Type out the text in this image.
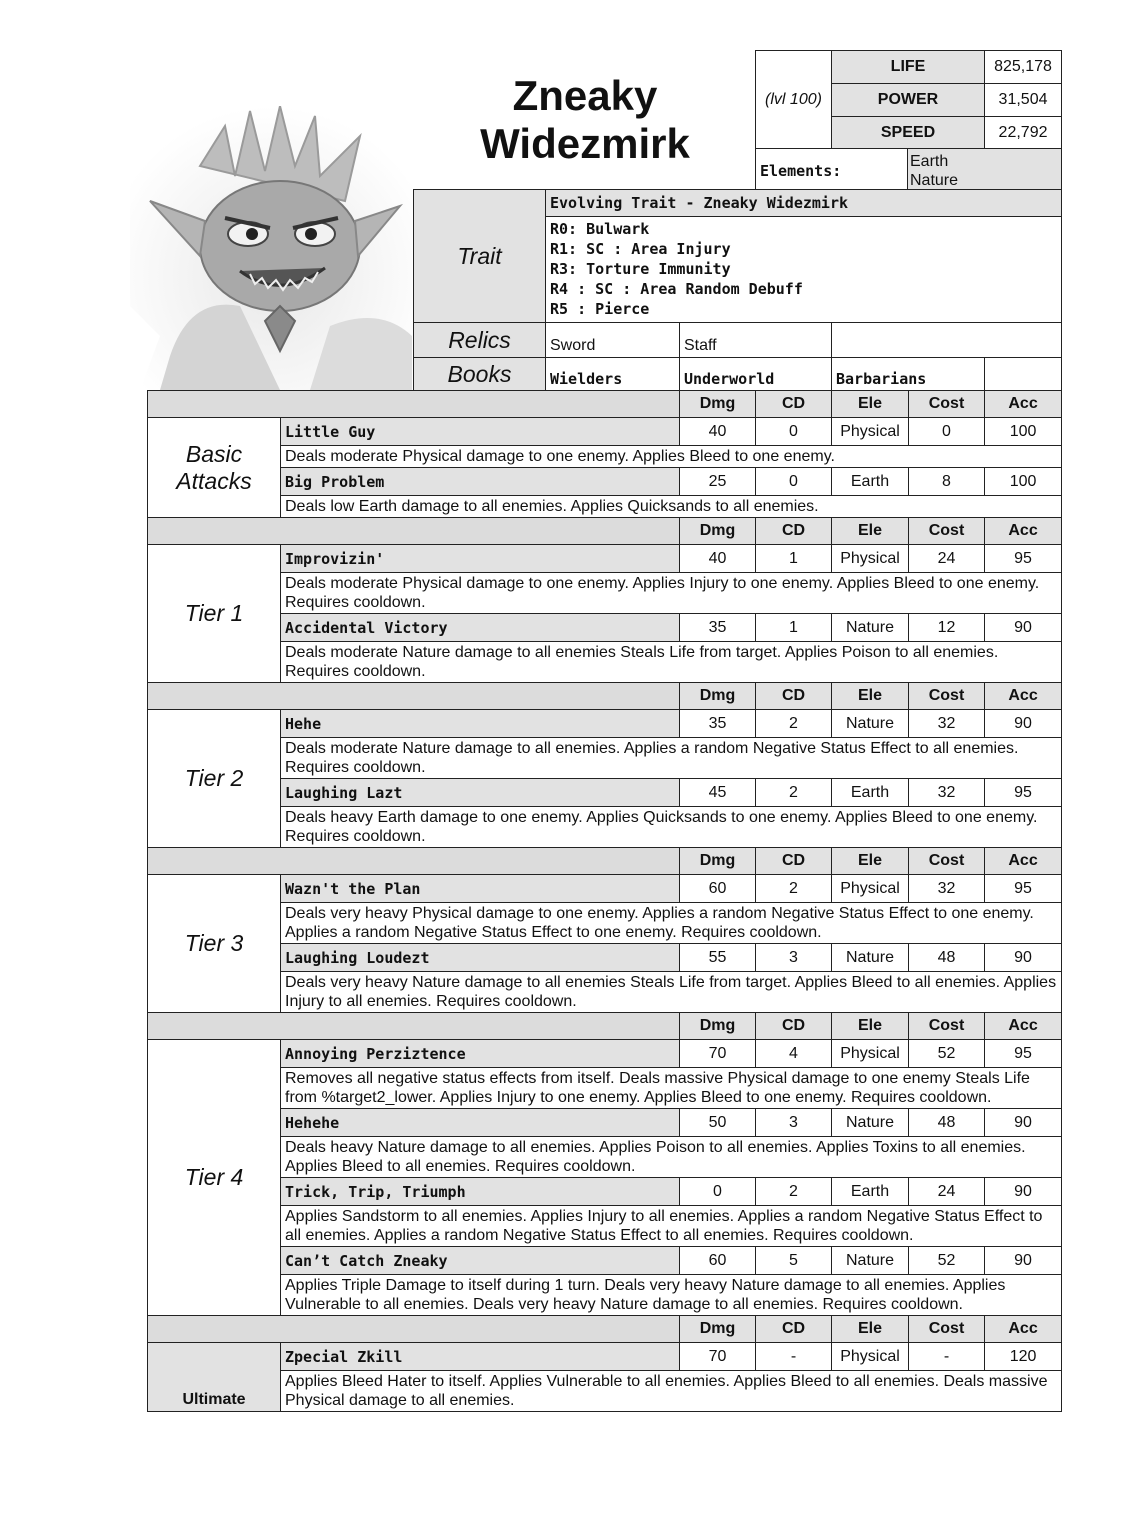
Zneaky
Widezmirk
(lvl 100)	LIFE		825,178
	POWER		31,504
	SPEED		22,792
Elements:		Earth
Nature	
		Trait	Evolving Trait - Zneaky Widezmirk					

			R0: Bulwark
R1: SC : Area Injury
R3: Torture Immunity
R4 : SC : Area Random Debuff
R5 : Pierce					

		Relics	Sword	Staff				
		Books	Wielders	Underworld		Barbarians		
				Dmg	CD	Ele	Cost	Acc

Basic
Attacks	Little Guy			40	0	Physical	0	100
	Deals moderate Physical damage to one enemy. Applies Bleed to one enemy.							
	Big Problem			25	0	Earth	8	100
	Deals low Earth damage to all enemies. Applies Quicksands to all enemies.							
				Dmg	CD	Ele	Cost	Acc

Tier 1	Improvizin'			40	1	Physical	24	95
	Deals moderate Physical damage to one enemy. Applies Injury to one enemy. Applies Bleed to one enemy. Requires cooldown.							
	Accidental Victory			35	1	Nature	12	90
	Deals moderate Nature damage to all enemies Steals Life from target. Applies Poison to all enemies. Requires cooldown.							
				Dmg	CD	Ele	Cost	Acc

Tier 2	Hehe			35	2	Nature	32	90
	Deals moderate Nature damage to all enemies. Applies a random Negative Status Effect to all enemies. Requires cooldown.							
	Laughing Lazt			45	2	Earth	32	95
	Deals heavy Earth damage to one enemy. Applies Quicksands to one enemy. Applies Bleed to one enemy. Requires cooldown.							
				Dmg	CD	Ele	Cost	Acc

Tier 3	Wazn't the Plan			60	2	Physical	32	95
	Deals very heavy Physical damage to one enemy. Applies a random Negative Status Effect to one enemy. Applies a random Negative Status Effect to one enemy. Requires cooldown.							
	Laughing Loudezt			55	3	Nature	48	90
	Deals very heavy Nature damage to all enemies Steals Life from target. Applies Bleed to all enemies. Applies Injury to all enemies. Requires cooldown.							
				Dmg	CD	Ele	Cost	Acc

Tier 4	Annoying Perziztence			70	4	Physical	52	95
	Removes all negative status effects from itself. Deals massive Physical damage to one enemy Steals Life from %target2_lower. Applies Injury to one enemy. Applies Bleed to one enemy. Requires cooldown.							
	Hehehe			50	3	Nature	48	90
	Deals heavy Nature damage to all enemies. Applies Poison to all enemies. Applies Toxins to all enemies. Applies Bleed to all enemies. Requires cooldown.							
	Trick, Trip, Triumph			0	2	Earth	24	90
	Applies Sandstorm to all enemies. Applies Injury to all enemies. Applies a random Negative Status Effect to all enemies. Applies a random Negative Status Effect to all enemies. Requires cooldown.							
	Can’t Catch Zneaky			60	5	Nature	52	90
	Applies Triple Damage to itself during 1 turn. Deals very heavy Nature damage to all enemies. Applies Vulnerable to all enemies. Deals very heavy Nature damage to all enemies. Requires cooldown.							
				Dmg	CD	Ele	Cost	Acc

Ultimate	Zpecial Zkill			70	-	Physical	-	120
	Applies Bleed Hater to itself. Applies Vulnerable to all enemies. Applies Bleed to all enemies. Deals massive Physical damage to all enemies.							
